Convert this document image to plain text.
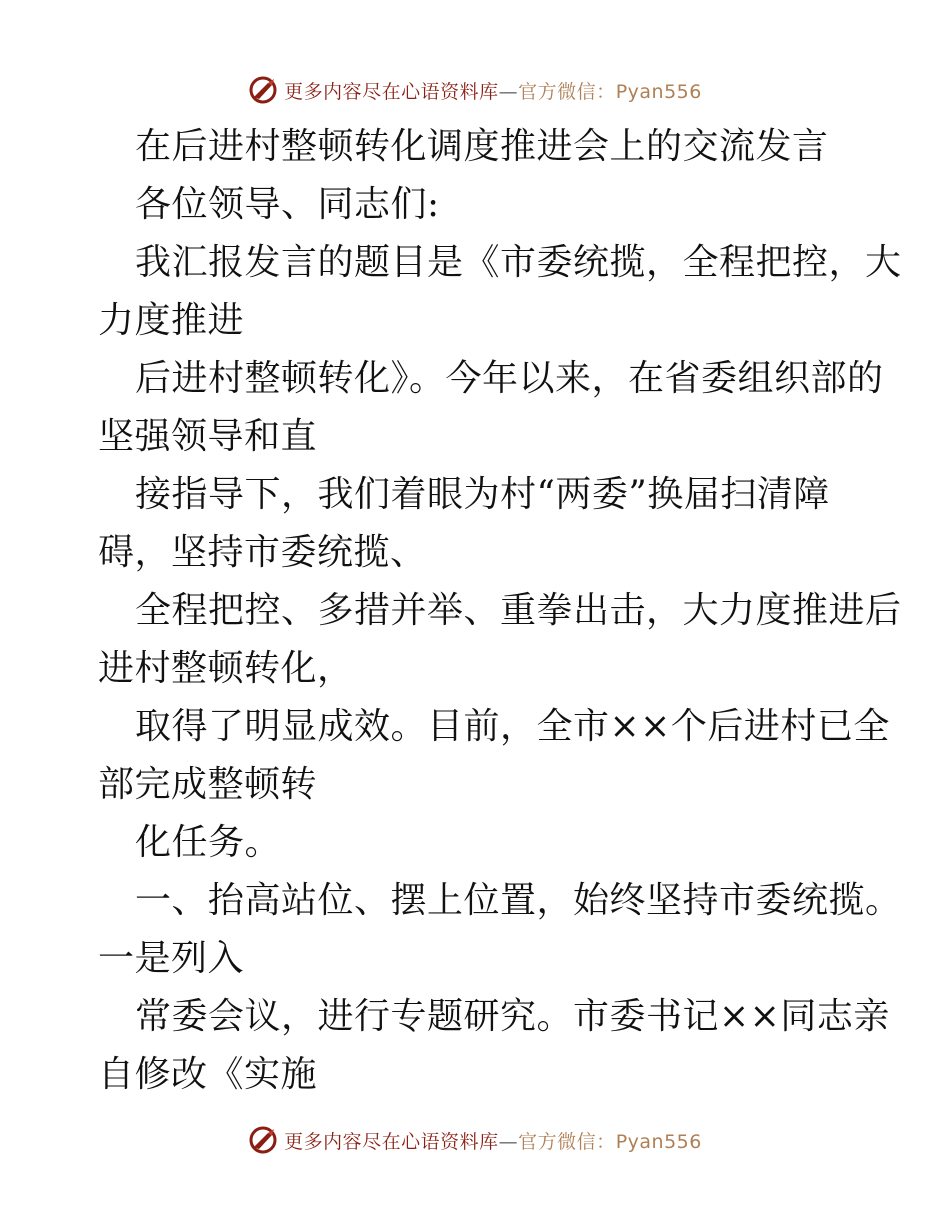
更多内容尽在心语资料库—官方微信：Pyan556
在后进村整顿转化调度推进会上的交流发言
各位领导、同志们:
我汇报发言的题目是《市委统揽，全程把控，大
力度推进
后进村整顿转化》。今年以来，在省委组织部的
坚强领导和直
接指导下，我们着眼为村“两委”换届扫清障
碍，坚持市委统揽、
全程把控、多措并举、重拳出击，大力度推进后
进村整顿转化，
取得了明显成效。目前，全市××个后进村已全
部完成整顿转
化任务。
一、抬高站位、摆上位置，始终坚持市委统揽。
一是列入
常委会议，进行专题研究。市委书记××同志亲
自修改《实施
更多内容尽在心语资料库—官方微信：Pyan556
